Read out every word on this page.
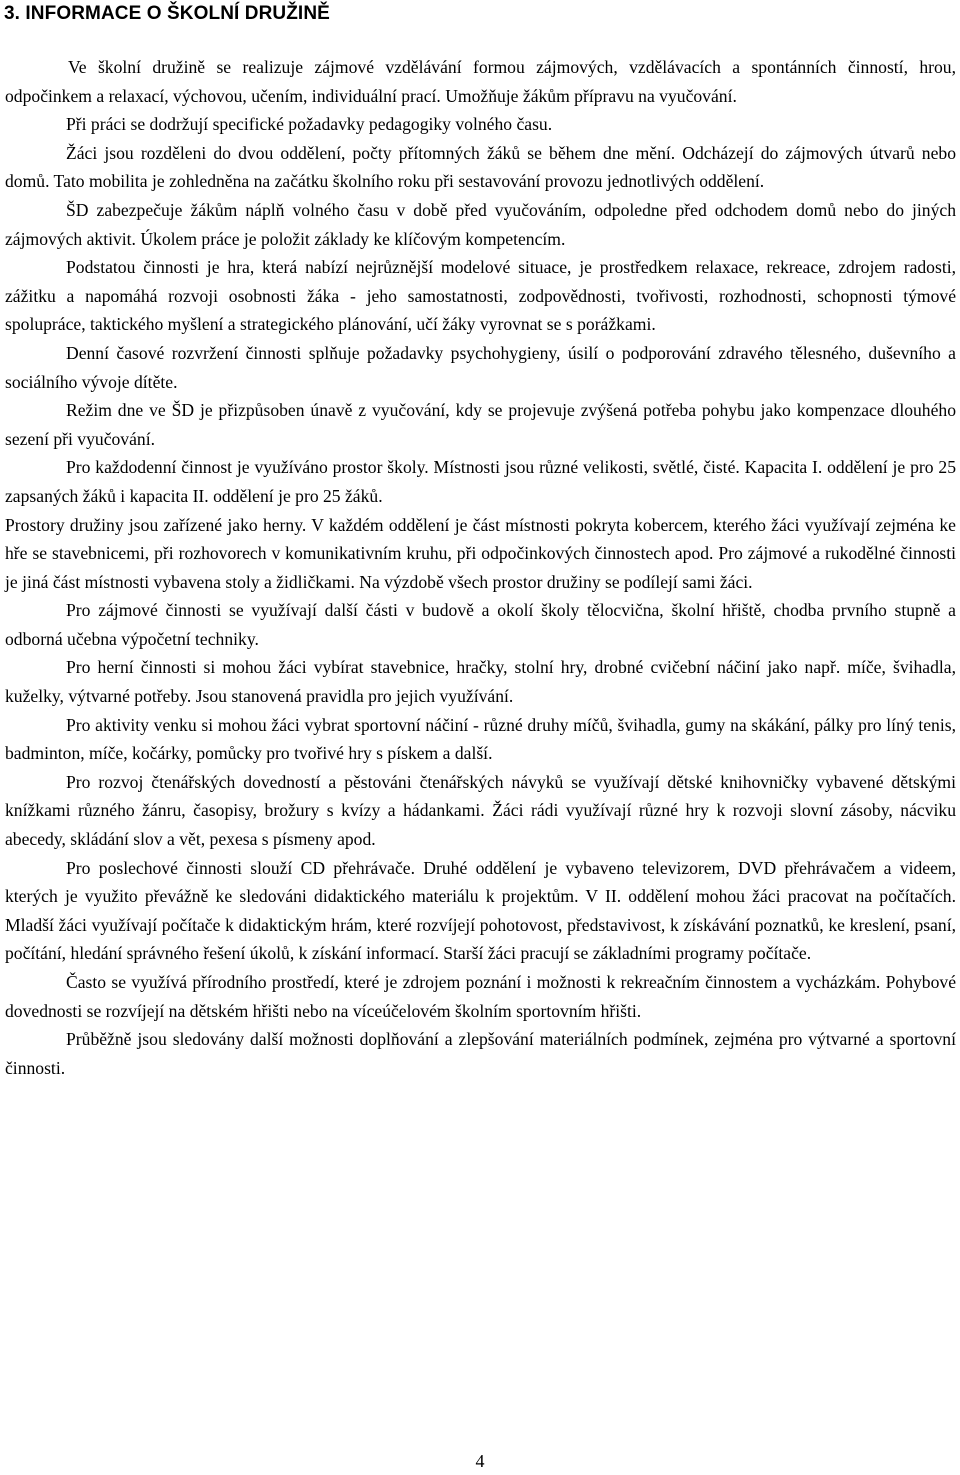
3. INFORMACE O ŠKOLNÍ DRUŽINĚ

Ve školní družině se realizuje zájmové vzdělávání formou zájmových, vzdělávacích a spontánních činností, hrou, odpočinkem a relaxací, výchovou, učením, individuální prací. Umožňuje žákům přípravu na vyučování.

Při práci se dodržují specifické požadavky pedagogiky volného času.

Žáci jsou rozděleni do dvou oddělení, počty přítomných žáků se během dne mění. Odcházejí do zájmových útvarů nebo domů. Tato mobilita je zohledněna na začátku školního roku při sestavování provozu jednotlivých oddělení.

ŠD zabezpečuje žákům náplň volného času v době před vyučováním, odpoledne před odchodem domů nebo do jiných zájmových aktivit. Úkolem práce je položit základy ke klíčovým kompetencím.

Podstatou činnosti je hra, která nabízí nejrůznější modelové situace, je prostředkem relaxace, rekreace, zdrojem radosti, zážitku a napomáhá rozvoji osobnosti žáka - jeho samostatnosti, zodpovědnosti, tvořivosti, rozhodnosti, schopnosti týmové spolupráce, taktického myšlení a strategického plánování, učí žáky vyrovnat se s porážkami.

Denní časové rozvržení činnosti splňuje požadavky psychohygieny, úsilí o podporování zdravého tělesného, duševního a sociálního vývoje dítěte.

Režim dne ve ŠD je přizpůsoben únavě z vyučování, kdy se projevuje zvýšená potřeba pohybu jako kompenzace dlouhého sezení při vyučování.

Pro každodenní činnost je využíváno prostor školy. Místnosti jsou různé velikosti, světlé, čisté. Kapacita I. oddělení je pro 25 zapsaných žáků i kapacita II. oddělení je pro 25 žáků.

Prostory družiny jsou zařízené jako herny. V každém oddělení je část místnosti pokryta kobercem, kterého žáci využívají zejména ke hře se stavebnicemi, při rozhovorech v komunikativním kruhu, při odpočinkových činnostech apod. Pro zájmové a rukodělné činnosti je jiná část místnosti vybavena stoly a židličkami. Na výzdobě všech prostor družiny se podílejí sami žáci.

Pro zájmové činnosti se využívají další části v budově a okolí školy tělocvična, školní hřiště, chodba prvního stupně a odborná učebna výpočetní techniky.

Pro herní činnosti si mohou žáci vybírat stavebnice, hračky, stolní hry, drobné cvičební náčiní jako např. míče, švihadla, kuželky, výtvarné potřeby. Jsou stanovená pravidla pro jejich využívání.

Pro aktivity venku si mohou žáci vybrat sportovní náčiní - různé druhy míčů, švihadla, gumy na skákání, pálky pro líný tenis, badminton, míče, kočárky, pomůcky pro tvořivé hry s pískem a další.

Pro rozvoj čtenářských dovedností a pěstováni čtenářských návyků se využívají dětské knihovničky vybavené dětskými knížkami různého žánru, časopisy, brožury s kvízy a hádankami. Žáci rádi využívají různé hry k rozvoji slovní zásoby, nácviku abecedy, skládání slov a vět, pexesa s písmeny apod.

Pro poslechové činnosti slouží CD přehrávače. Druhé oddělení je vybaveno televizorem, DVD přehrávačem a videem, kterých je využito převážně ke sledováni didaktického materiálu k projektům. V II. oddělení mohou žáci pracovat na počítačích. Mladší žáci využívají počítače k didaktickým hrám, které rozvíjejí pohotovost, představivost, k získávání poznatků, ke kreslení, psaní, počítání, hledání správného řešení úkolů, k získání informací. Starší žáci pracují se základními programy počítače.

Často se využívá přírodního prostředí, které je zdrojem poznání i možnosti k rekreačním činnostem a vycházkám. Pohybové dovednosti se rozvíjejí na dětském hřišti nebo na víceúčelovém školním sportovním hřišti.

Průběžně jsou sledovány další možnosti doplňování a zlepšování materiálních podmínek, zejména pro výtvarné a sportovní činnosti.

4
